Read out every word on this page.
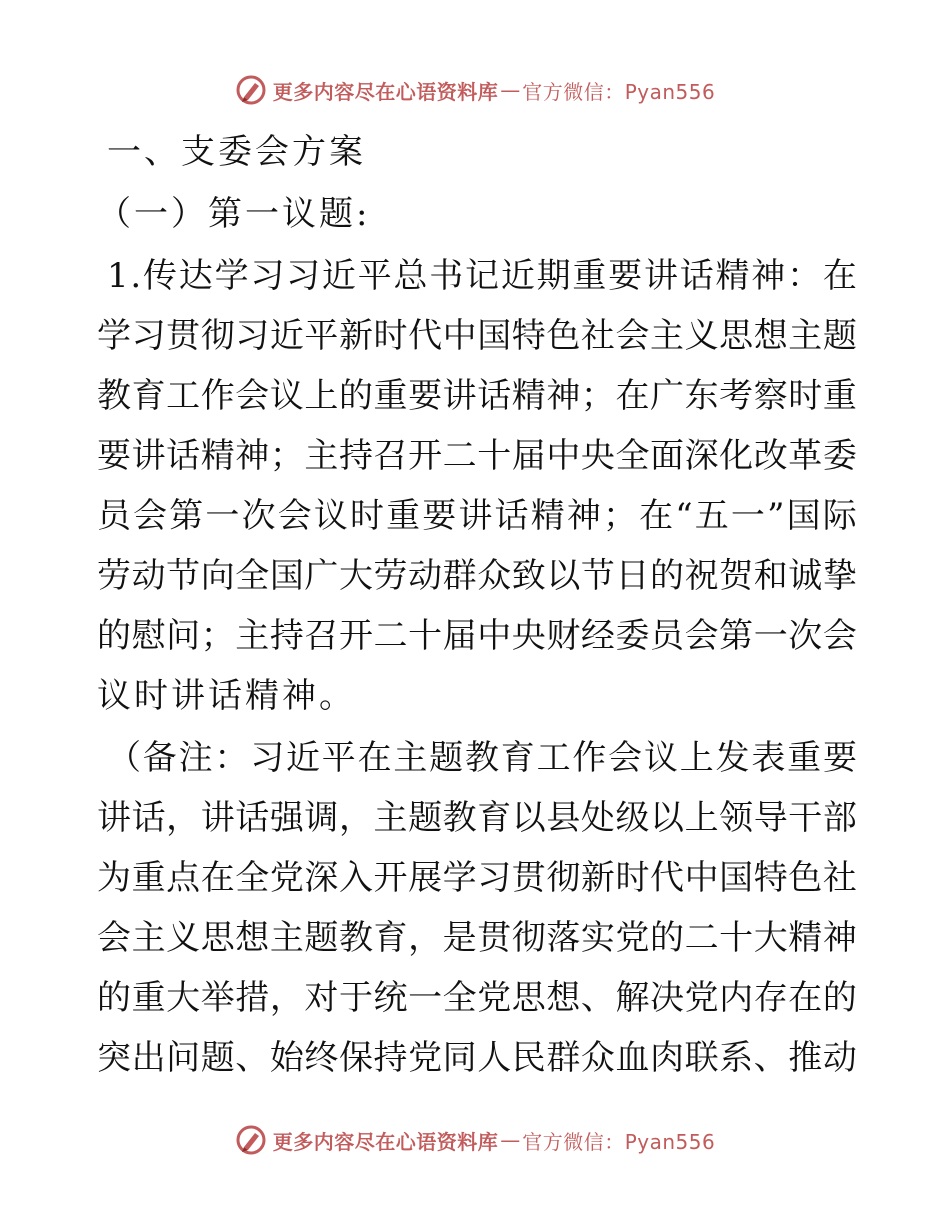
更多内容尽在心语资料库 — 官方微信：Pyan556
一、支委会方案
（一）第一议题:
1 . 传 达 学 习 习 近 平 总 书 记 近 期 重 要 讲 话 精 神 ： 在
学 习 贯 彻 习 近 平 新 时 代 中 国 特 色 社 会 主 义 思 想 主 题
教 育 工 作 会 议 上 的 重 要 讲 话 精 神 ； 在 广 东 考 察 时 重
要 讲 话 精 神 ； 主 持 召 开 二 十 届 中 央 全 面 深 化 改 革 委
员 会 第 一 次 会 议 时 重 要 讲 话 精 神 ； 在 “ 五 一 ” 国 际
劳 动 节 向 全 国 广 大 劳 动 群 众 致 以 节 日 的 祝 贺 和 诚 挚
的 慰 问 ； 主 持 召 开 二 十 届 中 央 财 经 委 员 会 第 一 次 会
议时讲话精神。
（ 备 注 ： 习 近 平 在 主 题 教 育 工 作 会 议 上 发 表 重 要
讲 话 ， 讲 话 强 调 ， 主 题 教 育 以 县 处 级 以 上 领 导 干 部
为 重 点 在 全 党 深 入 开 展 学 习 贯 彻 新 时 代 中 国 特 色 社
会 主 义 思 想 主 题 教 育 ， 是 贯 彻 落 实 党 的 二 十 大 精 神
的 重 大 举 措 ， 对 于 统 一 全 党 思 想 、 解 决 党 内 存 在 的
突 出 问 题 、 始 终 保 持 党 同 人 民 群 众 血 肉 联 系 、 推 动
更多内容尽在心语资料库 — 官方微信：Pyan556
